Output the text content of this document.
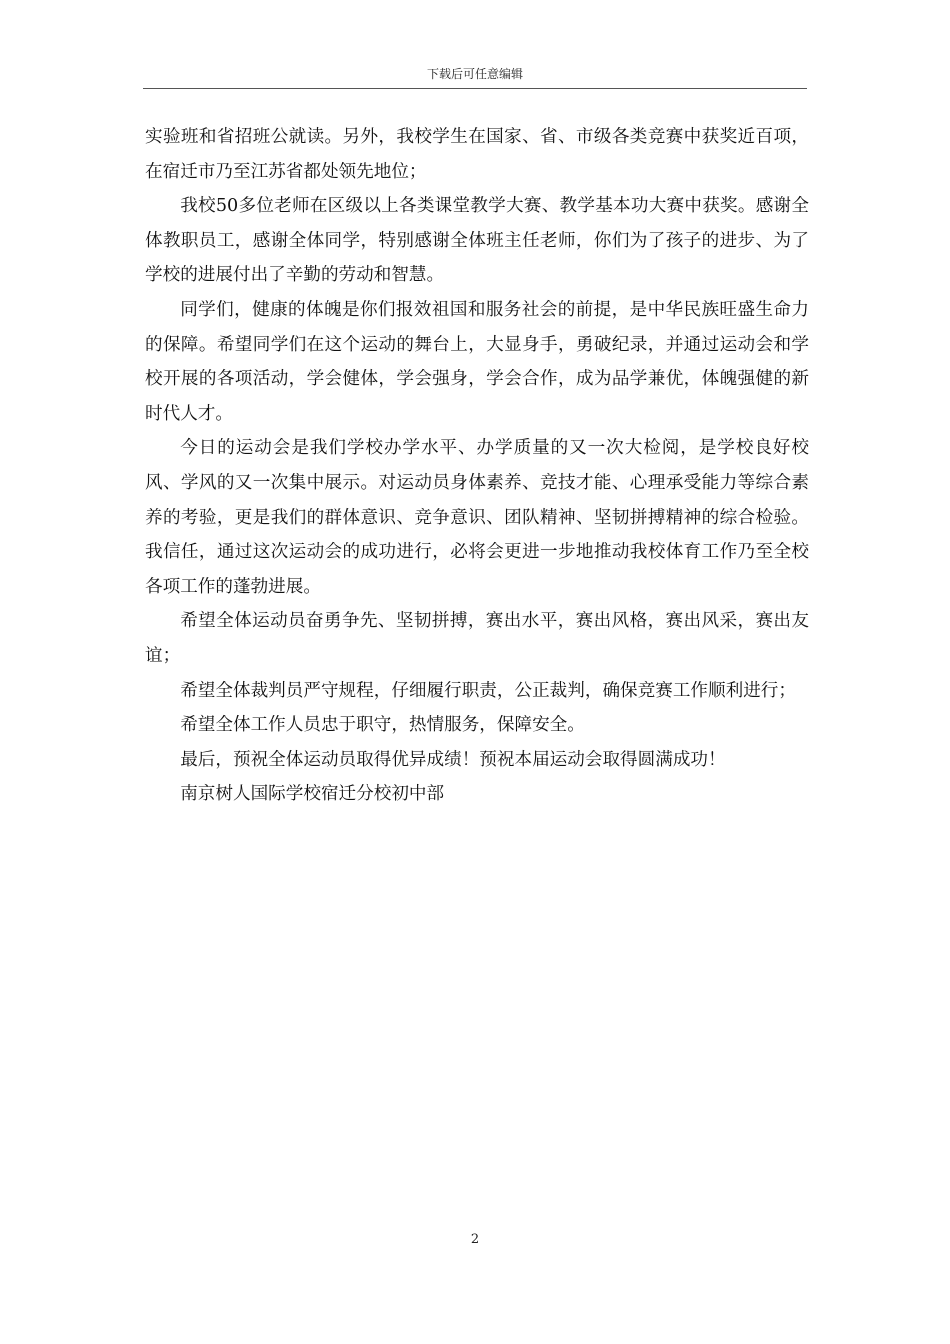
下载后可任意编辑

实验班和省招班公就读。另外，我校学生在国家、省、市级各类竞赛中获奖近百项，在宿迁市乃至江苏省都处领先地位；

我校50多位老师在区级以上各类课堂教学大赛、教学基本功大赛中获奖。感谢全体教职员工，感谢全体同学，特别感谢全体班主任老师，你们为了孩子的进步、为了学校的进展付出了辛勤的劳动和智慧。

同学们，健康的体魄是你们报效祖国和服务社会的前提，是中华民族旺盛生命力的保障。希望同学们在这个运动的舞台上，大显身手，勇破纪录，并通过运动会和学校开展的各项活动，学会健体，学会强身，学会合作，成为品学兼优，体魄强健的新时代人才。

今日的运动会是我们学校办学水平、办学质量的又一次大检阅，是学校良好校风、学风的又一次集中展示。对运动员身体素养、竞技才能、心理承受能力等综合素养的考验，更是我们的群体意识、竞争意识、团队精神、坚韧拼搏精神的综合检验。我信任，通过这次运动会的成功进行，必将会更进一步地推动我校体育工作乃至全校各项工作的蓬勃进展。

希望全体运动员奋勇争先、坚韧拼搏，赛出水平，赛出风格，赛出风采，赛出友谊；

希望全体裁判员严守规程，仔细履行职责，公正裁判，确保竞赛工作顺利进行；

希望全体工作人员忠于职守，热情服务，保障安全。

最后，预祝全体运动员取得优异成绩！预祝本届运动会取得圆满成功！

南京树人国际学校宿迁分校初中部

2
